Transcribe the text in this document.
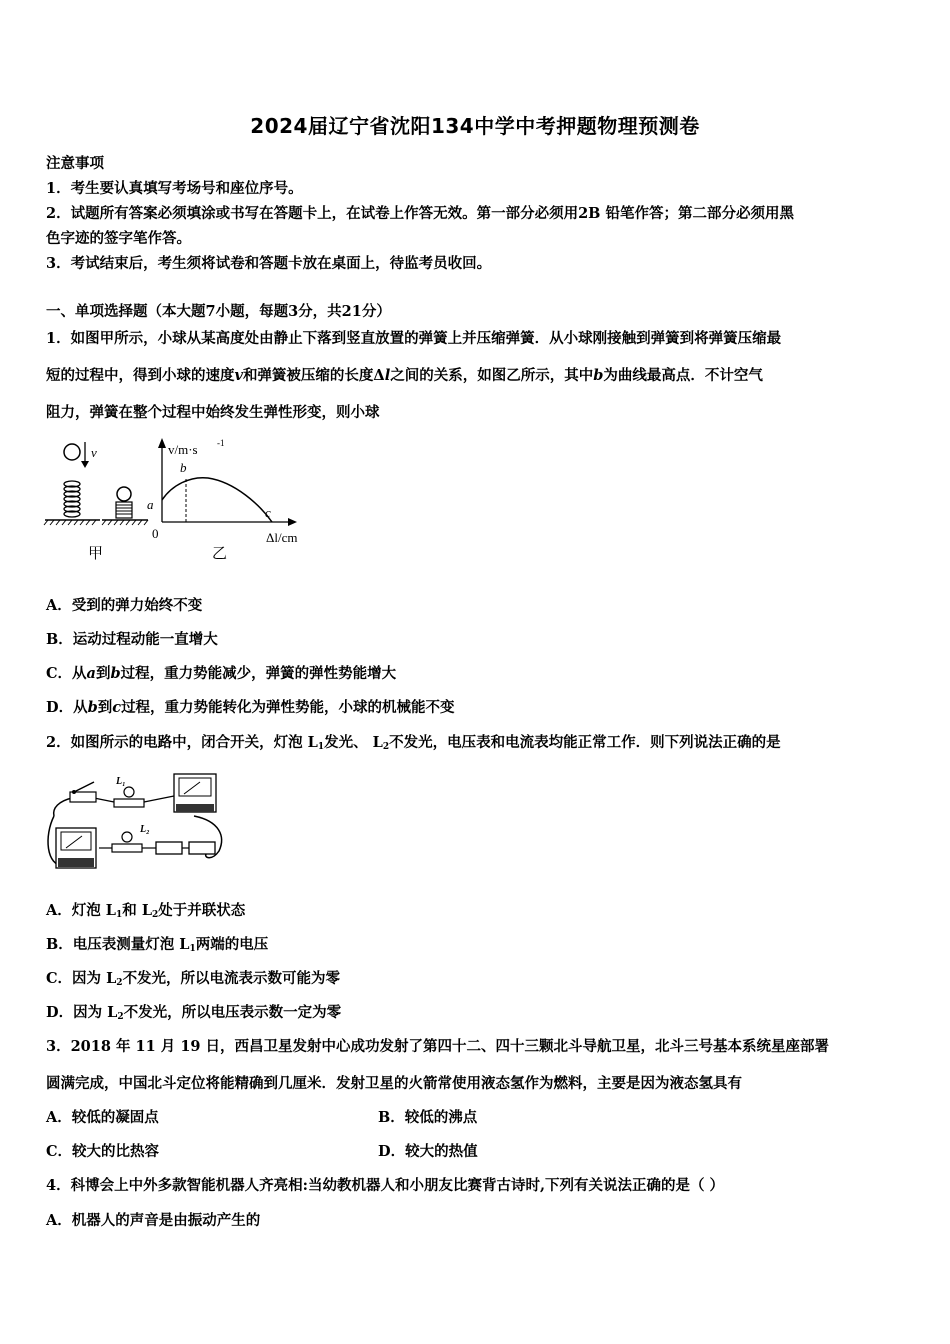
2024届辽宁省沈阳134中学中考押题物理预测卷
注意事项
1．考生要认真填写考场号和座位序号。
2．试题所有答案必须填涂或书写在答题卡上，在试卷上作答无效。第一部分必须用2B 铅笔作答；第二部分必须用黑
色字迹的签字笔作答。
3．考试结束后，考生须将试卷和答题卡放在桌面上，待监考员收回。
一、单项选择题（本大题7小题，每题3分，共21分）
1．如图甲所示，小球从某高度处由静止下落到竖直放置的弹簧上并压缩弹簧．从小球刚接触到弹簧到将弹簧压缩最
短的过程中，得到小球的速度v和弹簧被压缩的长度Δl之间的关系，如图乙所示，其中b为曲线最高点．不计空气
阻力，弹簧在整个过程中始终发生弹性形变，则小球
v
甲
v/m·s -1
a
b
c
0	Δl/cm
乙
A．受到的弹力始终不变
B．运动过程动能一直增大
C．从a到b过程，重力势能减少，弹簧的弹性势能增大
D．从b到c过程，重力势能转化为弹性势能，小球的机械能不变
2．如图所示的电路中，闭合开关，灯泡 $L_1$发光、 $L_2$不发光，电压表和电流表均能正常工作．则下列说法正确的是
L₁
L₂
A．灯泡 $L_1$和 $L_2$处于并联状态
B．电压表测量灯泡 $L_1$两端的电压
C．因为 $L_2$不发光，所以电流表示数可能为零
D．因为 $L_2$不发光，所以电压表示数一定为零
3．2018 年 11 月 19 日，西昌卫星发射中心成功发射了第四十二、四十三颗北斗导航卫星，北斗三号基本系统星座部署
圆满完成，中国北斗定位将能精确到几厘米．发射卫星的火箭常使用液态氢作为燃料，主要是因为液态氢具有
A．较低的凝固点	B．较低的沸点
C．较大的比热容	D．较大的热值
4．科博会上中外多款智能机器人齐亮相:当幼教机器人和小朋友比赛背古诗时,下列有关说法正确的是（ ）
A．机器人的声音是由振动产生的
